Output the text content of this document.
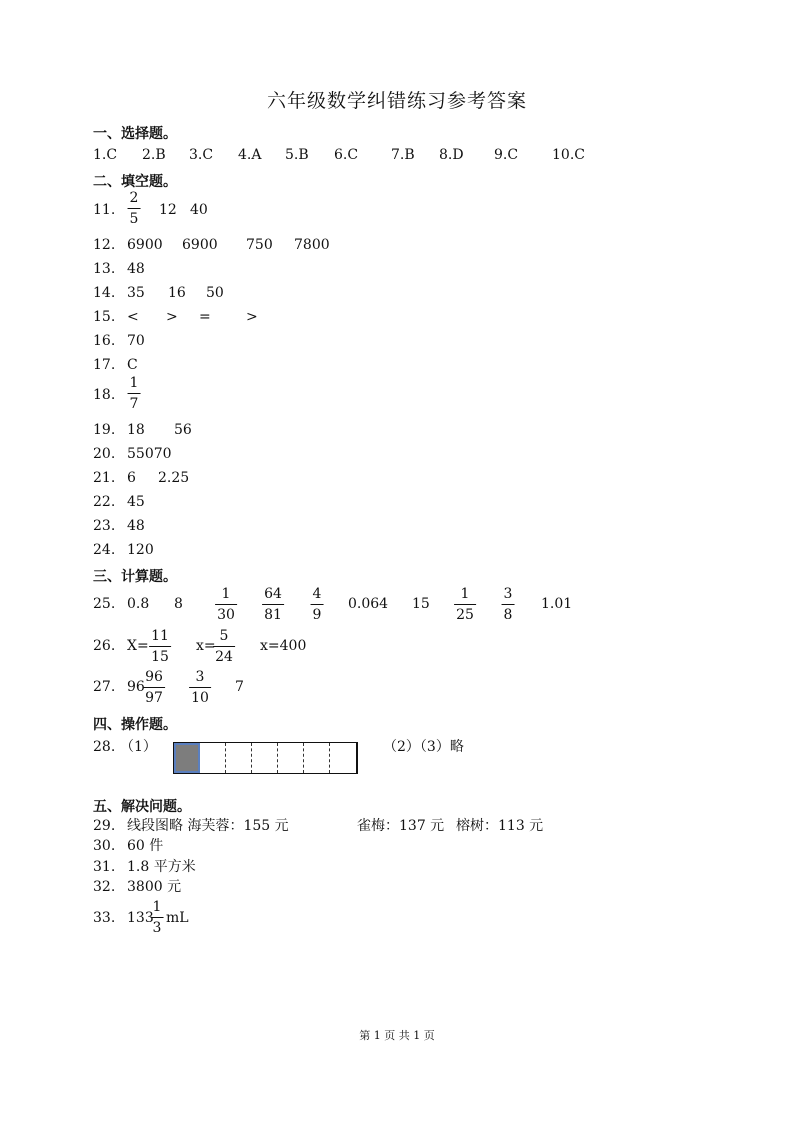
六年级数学纠错练习参考答案
一、选择题。
1.C 2.B 3.C 4.A 5.B 6.C 7.B 8.D 9.C 10.C
二、填空题。
11.
2
5
12 40
12. 6900 6900 750 7800
13. 48
14. 35 16 50
15. < > =	>
16. 70
17. C
18.
1
7
19. 18 56
20. 55070
21. 6 2.25
22. 45
23. 48
24. 120
三、计算题。
25. 0.8 8
1
30
64
81
4
9
0.064 15
1
25
3
8
1.01
26. X=
11
15
x=
5
24
x=400
27. 96
96
97
3
10
7
四、操作题。
28. （1）	（2）（3）略
五、解决问题。
29. 线段图略 海芙蓉：155 元	雀梅：137 元 榕树：113 元
30. 60 件
31. 1.8 平方米
32. 3800 元
33. 133
1
3
mL
第 1 页 共 1 页
